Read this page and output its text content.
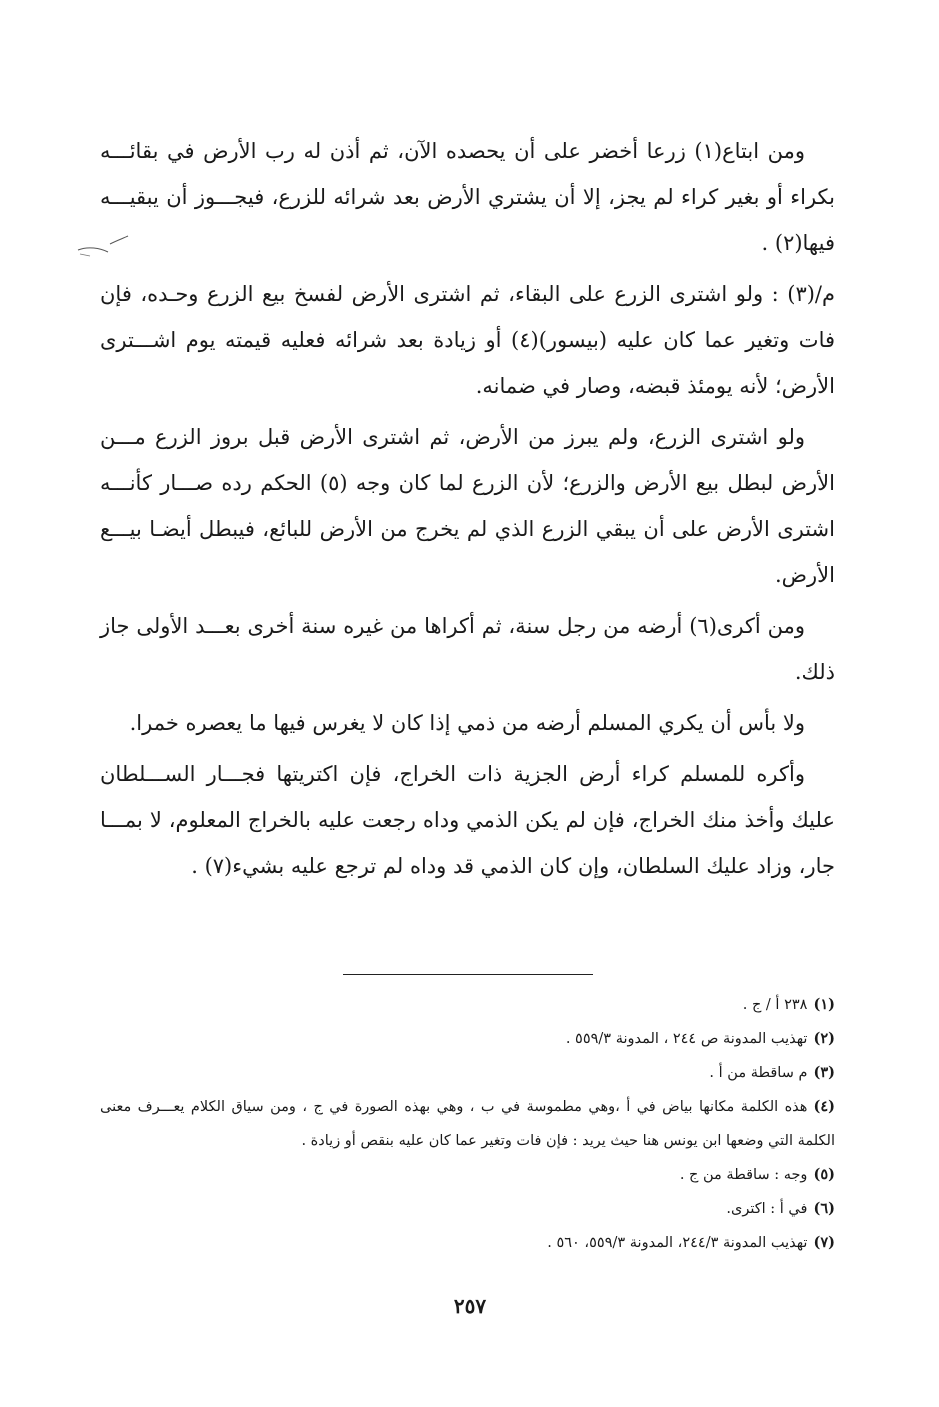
ومن ابتاع(١) زرعا أخضر على أن يحصده الآن، ثم أذن له رب الأرض في بقائـــه بكراء أو بغير كراء لم يجز، إلا أن يشتري الأرض بعد شرائه للزرع، فيجـــوز أن يبقيـــه فيها(٢) .

م/(٣) : ولو اشترى الزرع على البقاء، ثم اشترى الأرض لفسخ بيع الزرع وحـده، فإن فات وتغير عما كان عليه (بيسور)(٤) أو زيادة بعد شرائه فعليه قيمته يوم اشـــترى الأرض؛ لأنه يومئذ قبضه، وصار في ضمانه.

ولو اشترى الزرع، ولم يبرز من الأرض، ثم اشترى الأرض قبل بروز الزرع مـــن الأرض لبطل بيع الأرض والزرع؛ لأن الزرع لما كان وجه (٥) الحكم رده صـــار كأنـــه اشترى الأرض على أن يبقي الزرع الذي لم يخرج من الأرض للبائع، فيبطل أيضـا بيـــع الأرض.

ومن أكرى(٦) أرضه من رجل سنة، ثم أكراها من غيره سنة أخرى بعـــد الأولى جاز ذلك.

ولا بأس أن يكري المسلم أرضه من ذمي إذا كان لا يغرس فيها ما يعصره خمرا.

وأكره للمسلم كراء أرض الجزية ذات الخراج، فإن اكتريتها فجـــار الســـلطان عليك وأخذ منك الخراج، فإن لم يكن الذمي وداه رجعت عليه بالخراج المعلوم، لا بمـــا جار، وزاد عليك السلطان، وإن كان الذمي قد وداه لم ترجع عليه بشيء(٧) .

(١)٢٣٨ أ / ج .

(٢)تهذيب المدونة ص ٢٤٤ ، المدونة ٥٥٩/٣ .

(٣)م ساقطة من أ .

(٤)هذه الكلمة مكانها بياض في أ ،وهي مطموسة في ب ، وهي بهذه الصورة في ج ، ومن سياق الكلام يعـــرف معنى الكلمة التي وضعها ابن يونس هنا حيث يريد : فإن فات وتغير عما كان عليه بنقص أو زيادة .

(٥)وجه : ساقطة من ج .

(٦)في أ : اكترى.

(٧)تهذيب المدونة ٢٤٤/٣، المدونة ٥٥٩/٣، ٥٦٠ .

٢٥٧
